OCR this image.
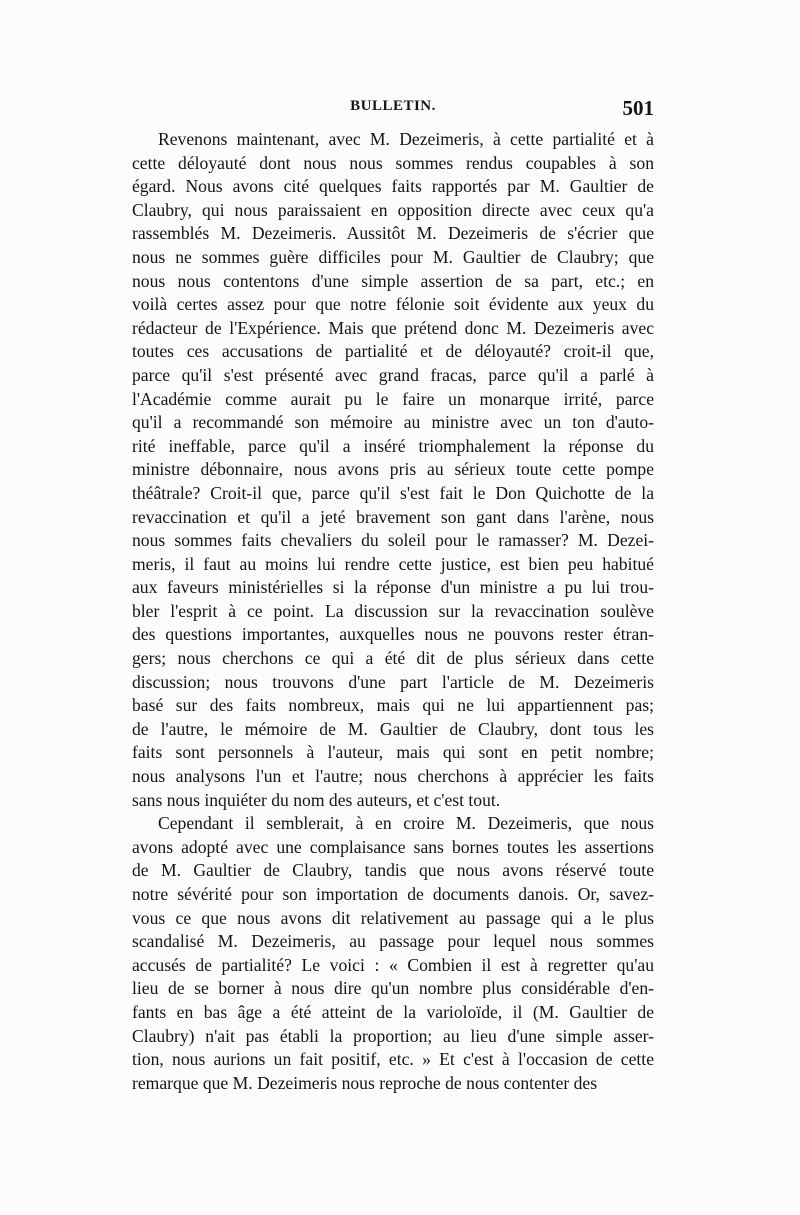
BULLETIN.	501
Revenons maintenant, avec M. Dezeimeris, à cette partialité et à
cette déloyauté dont nous nous sommes rendus coupables à son
égard. Nous avons cité quelques faits rapportés par M. Gaultier de
Claubry, qui nous paraissaient en opposition directe avec ceux qu'a
rassemblés M. Dezeimeris. Aussitôt M. Dezeimeris de s'écrier que
nous ne sommes guère difficiles pour M. Gaultier de Claubry; que
nous nous contentons d'une simple assertion de sa part, etc.; en
voilà certes assez pour que notre félonie soit évidente aux yeux du
rédacteur de l'Expérience. Mais que prétend donc M. Dezeimeris avec
toutes ces accusations de partialité et de déloyauté? croit-il que,
parce qu'il s'est présenté avec grand fracas, parce qu'il a parlé à
l'Académie comme aurait pu le faire un monarque irrité, parce
qu'il a recommandé son mémoire au ministre avec un ton d'auto-
rité ineffable, parce qu'il a inséré triomphalement la réponse du
ministre débonnaire, nous avons pris au sérieux toute cette pompe
théâtrale? Croit-il que, parce qu'il s'est fait le Don Quichotte de la
revaccination et qu'il a jeté bravement son gant dans l'arène, nous
nous sommes faits chevaliers du soleil pour le ramasser? M. Dezei-
meris, il faut au moins lui rendre cette justice, est bien peu habitué
aux faveurs ministérielles si la réponse d'un ministre a pu lui trou-
bler l'esprit à ce point. La discussion sur la revaccination soulève
des questions importantes, auxquelles nous ne pouvons rester étran-
gers; nous cherchons ce qui a été dit de plus sérieux dans cette
discussion; nous trouvons d'une part l'article de M. Dezeimeris
basé sur des faits nombreux, mais qui ne lui appartiennent pas;
de l'autre, le mémoire de M. Gaultier de Claubry, dont tous les
faits sont personnels à l'auteur, mais qui sont en petit nombre;
nous analysons l'un et l'autre; nous cherchons à apprécier les faits
sans nous inquiéter du nom des auteurs, et c'est tout.
Cependant il semblerait, à en croire M. Dezeimeris, que nous
avons adopté avec une complaisance sans bornes toutes les assertions
de M. Gaultier de Claubry, tandis que nous avons réservé toute
notre sévérité pour son importation de documents danois. Or, savez-
vous ce que nous avons dit relativement au passage qui a le plus
scandalisé M. Dezeimeris, au passage pour lequel nous sommes
accusés de partialité? Le voici : « Combien il est à regretter qu'au
lieu de se borner à nous dire qu'un nombre plus considérable d'en-
fants en bas âge a été atteint de la varioloïde, il (M. Gaultier de
Claubry) n'ait pas établi la proportion; au lieu d'une simple asser-
tion, nous aurions un fait positif, etc. » Et c'est à l'occasion de cette
remarque que M. Dezeimeris nous reproche de nous contenter des
